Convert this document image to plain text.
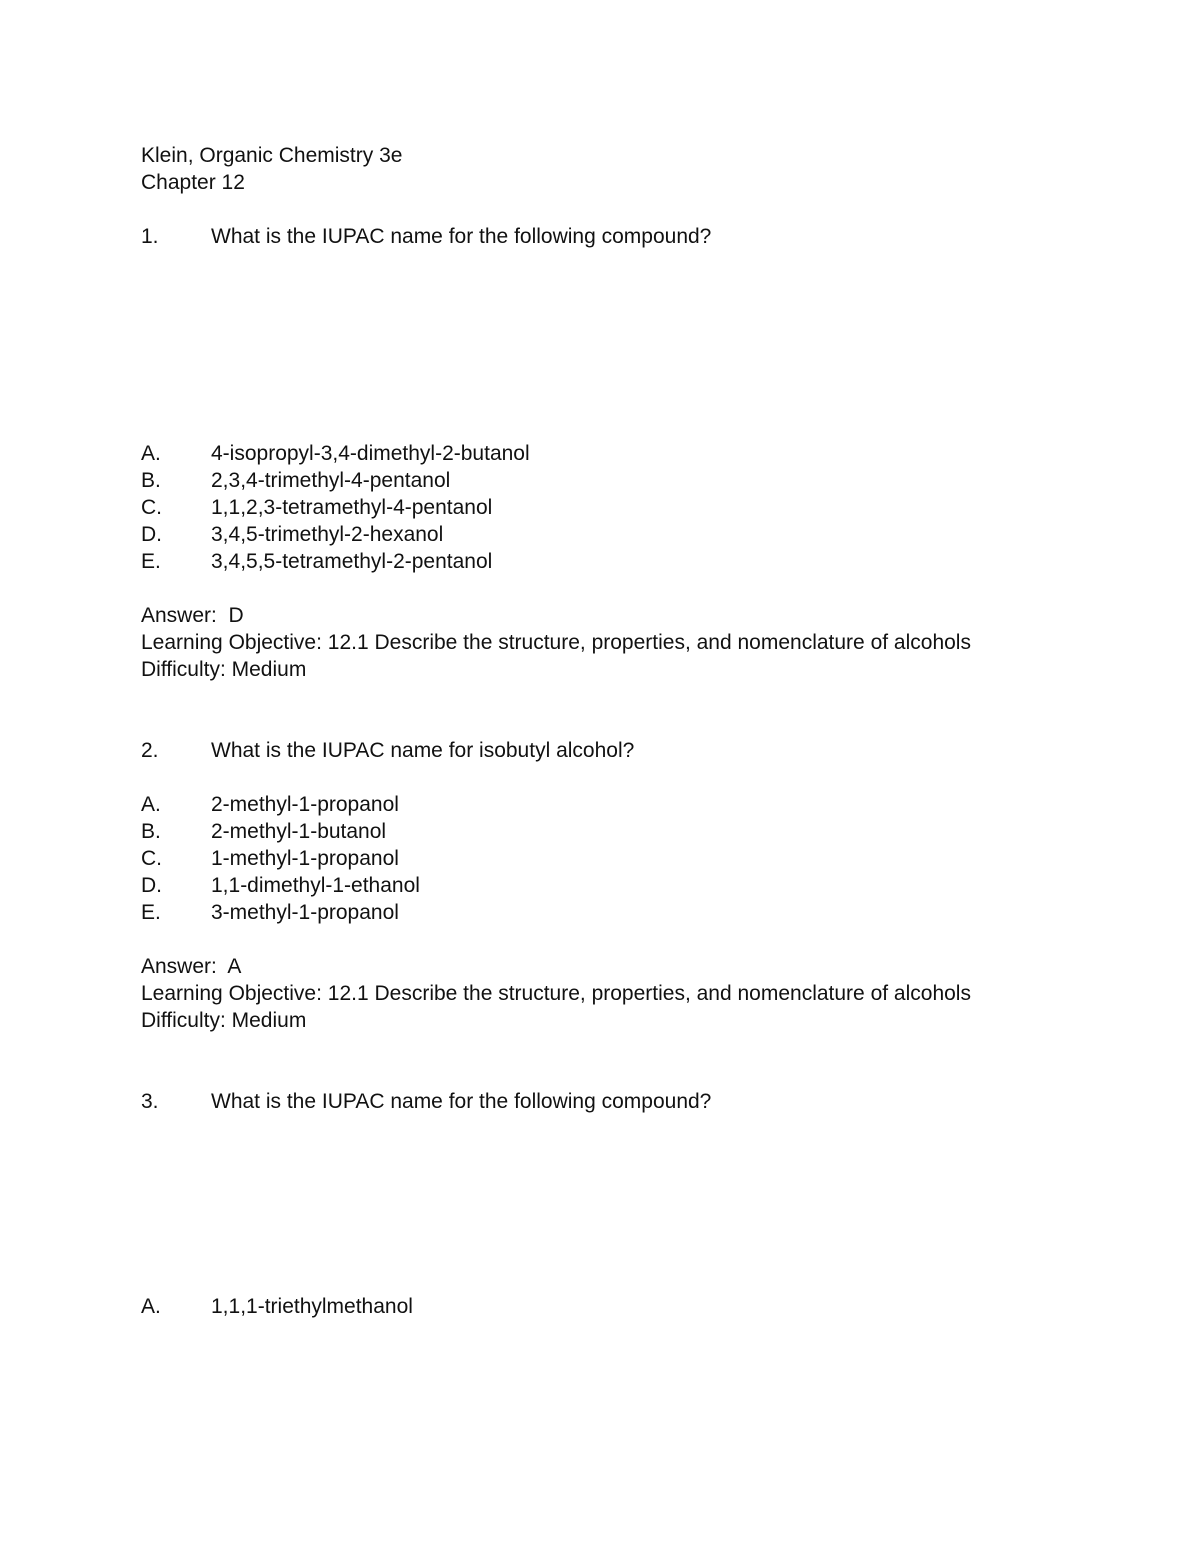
Klein, Organic Chemistry 3e
Chapter 12
1.	What is the IUPAC name for the following compound?
A.	4-isopropyl-3,4-dimethyl-2-butanol
B.	2,3,4-trimethyl-4-pentanol
C.	1,1,2,3-tetramethyl-4-pentanol
D.	3,4,5-trimethyl-2-hexanol
E.	3,4,5,5-tetramethyl-2-pentanol
Answer:  D
Learning Objective: 12.1 Describe the structure, properties, and nomenclature of alcohols
Difficulty: Medium
2.	What is the IUPAC name for isobutyl alcohol?
A.	2-methyl-1-propanol
B.	2-methyl-1-butanol
C.	1-methyl-1-propanol
D.	1,1-dimethyl-1-ethanol
E.	3-methyl-1-propanol
Answer:  A
Learning Objective: 12.1 Describe the structure, properties, and nomenclature of alcohols
Difficulty: Medium
3.	What is the IUPAC name for the following compound?
A.	1,1,1-triethylmethanol
